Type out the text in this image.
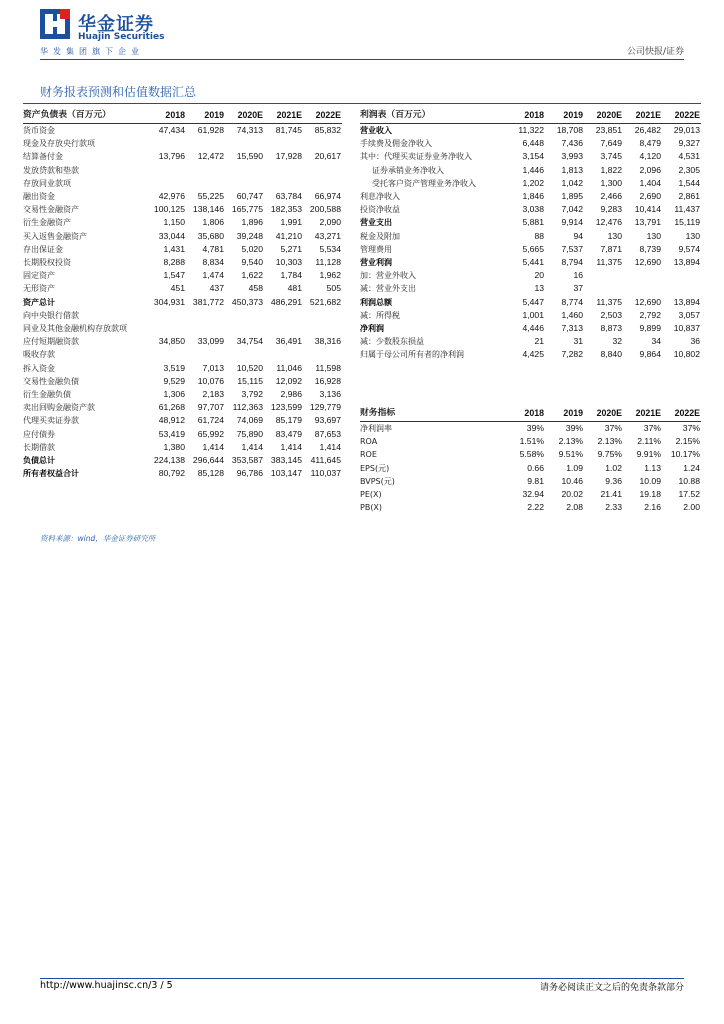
华金证券
Huajin Securities
华发集团旗下企业	公司快报/证券
财务报表预测和估值数据汇总
资产负债表（百万元）	2018	2019	2020E	2021E	2022E
货币资金	47,434	61,928	74,313	81,745	85,832
现金及存放央行款项					
结算备付金	13,796	12,472	15,590	17,928	20,617
发放贷款和垫款					
存放同业款项					
融出资金	42,976	55,225	60,747	63,784	66,974
交易性金融资产	100,125	138,146	165,775	182,353	200,588
衍生金融资产	1,150	1,806	1,896	1,991	2,090
买入返售金融资产	33,044	35,680	39,248	41,210	43,271
存出保证金	1,431	4,781	5,020	5,271	5,534
长期股权投资	8,288	8,834	9,540	10,303	11,128
固定资产	1,547	1,474	1,622	1,784	1,962
无形资产	451	437	458	481	505
资产总计	304,931	381,772	450,373	486,291	521,682
向中央银行借款					
同业及其他金融机构存放款项					
应付短期融资款	34,850	33,099	34,754	36,491	38,316
吸收存款					
拆入资金	3,519	7,013	10,520	11,046	11,598
交易性金融负债	9,529	10,076	15,115	12,092	16,928
衍生金融负债	1,306	2,183	3,792	2,986	3,136
卖出回购金融资产款	61,268	97,707	112,363	123,599	129,779
代理买卖证券款	48,912	61,724	74,069	85,179	93,697
应付债券	53,419	65,992	75,890	83,479	87,653
长期借款	1,380	1,414	1,414	1,414	1,414
负债总计	224,138	296,644	353,587	383,145	411,645
所有者权益合计	80,792	85,128	96,786	103,147	110,037
利润表（百万元）	2018	2019	2020E	2021E	2022E
营业收入	11,322	18,708	23,851	26,482	29,013
手续费及佣金净收入	6,448	7,436	7,649	8,479	9,327
其中：代理买卖证券业务净收入	3,154	3,993	3,745	4,120	4,531
证券承销业务净收入	1,446	1,813	1,822	2,096	2,305
受托客户资产管理业务净收入	1,202	1,042	1,300	1,404	1,544
利息净收入	1,846	1,895	2,466	2,690	2,861
投资净收益	3,038	7,042	9,283	10,414	11,437
营业支出	5,881	9,914	12,476	13,791	15,119
税金及附加	88	94	130	130	130
管理费用	5,665	7,537	7,871	8,739	9,574
营业利润	5,441	8,794	11,375	12,690	13,894
加：营业外收入	20	16			
减：营业外支出	13	37			
利润总额	5,447	8,774	11,375	12,690	13,894
减：所得税	1,001	1,460	2,503	2,792	3,057
净利润	4,446	7,313	8,873	9,899	10,837
减：少数股东损益	21	31	32	34	36
归属于母公司所有者的净利润	4,425	7,282	8,840	9,864	10,802
财务指标	2018	2019	2020E	2021E	2022E
净利润率	39%	39%	37%	37%	37%
ROA	1.51%	2.13%	2.13%	2.11%	2.15%
ROE	5.58%	9.51%	9.75%	9.91%	10.17%
EPS(元)	0.66	1.09	1.02	1.13	1.24
BVPS(元)	9.81	10.46	9.36	10.09	10.88
PE(X)	32.94	20.02	21.41	19.18	17.52
PB(X)	2.22	2.08	2.33	2.16	2.00
资料来源：wind，华金证券研究所
http://www.huajinsc.cn/3 / 5	请务必阅读正文之后的免责条款部分
